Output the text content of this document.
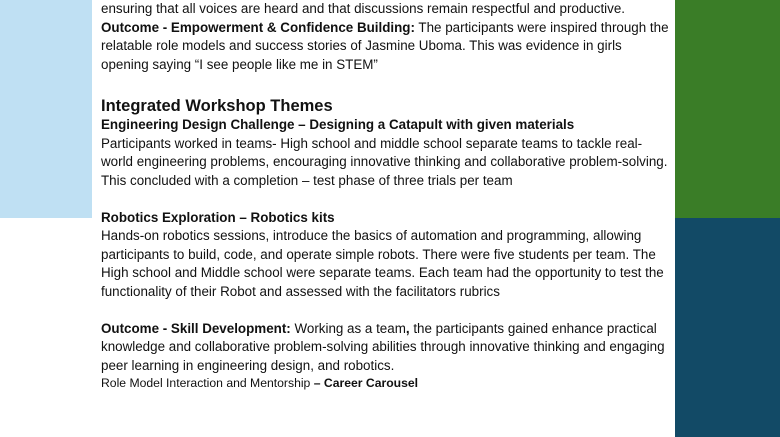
ensuring that all voices are heard and that discussions remain respectful and productive.

Outcome - Empowerment & Confidence Building: The participants were inspired through the relatable role models and success stories of Jasmine Uboma. This was evidence in girls opening saying “I see people like me in STEM”

Integrated Workshop Themes

Engineering Design Challenge – Designing a Catapult with given materials

Participants worked in teams- High school and middle school separate teams to tackle real-world engineering problems, encouraging innovative thinking and collaborative problem-solving. This concluded with a completion – test phase of three trials per team

Robotics Exploration – Robotics kits

Hands-on robotics sessions, introduce the basics of automation and programming, allowing participants to build, code, and operate simple robots. There were five students per team. The High school and Middle school were separate teams. Each team had the opportunity to test the functionality of their Robot and assessed with the facilitators rubrics

Outcome - Skill Development: Working as a team, the participants gained enhance practical knowledge and collaborative problem-solving abilities through innovative thinking and engaging peer learning in engineering design, and robotics.

Role Model Interaction and Mentorship – Career Carousel
